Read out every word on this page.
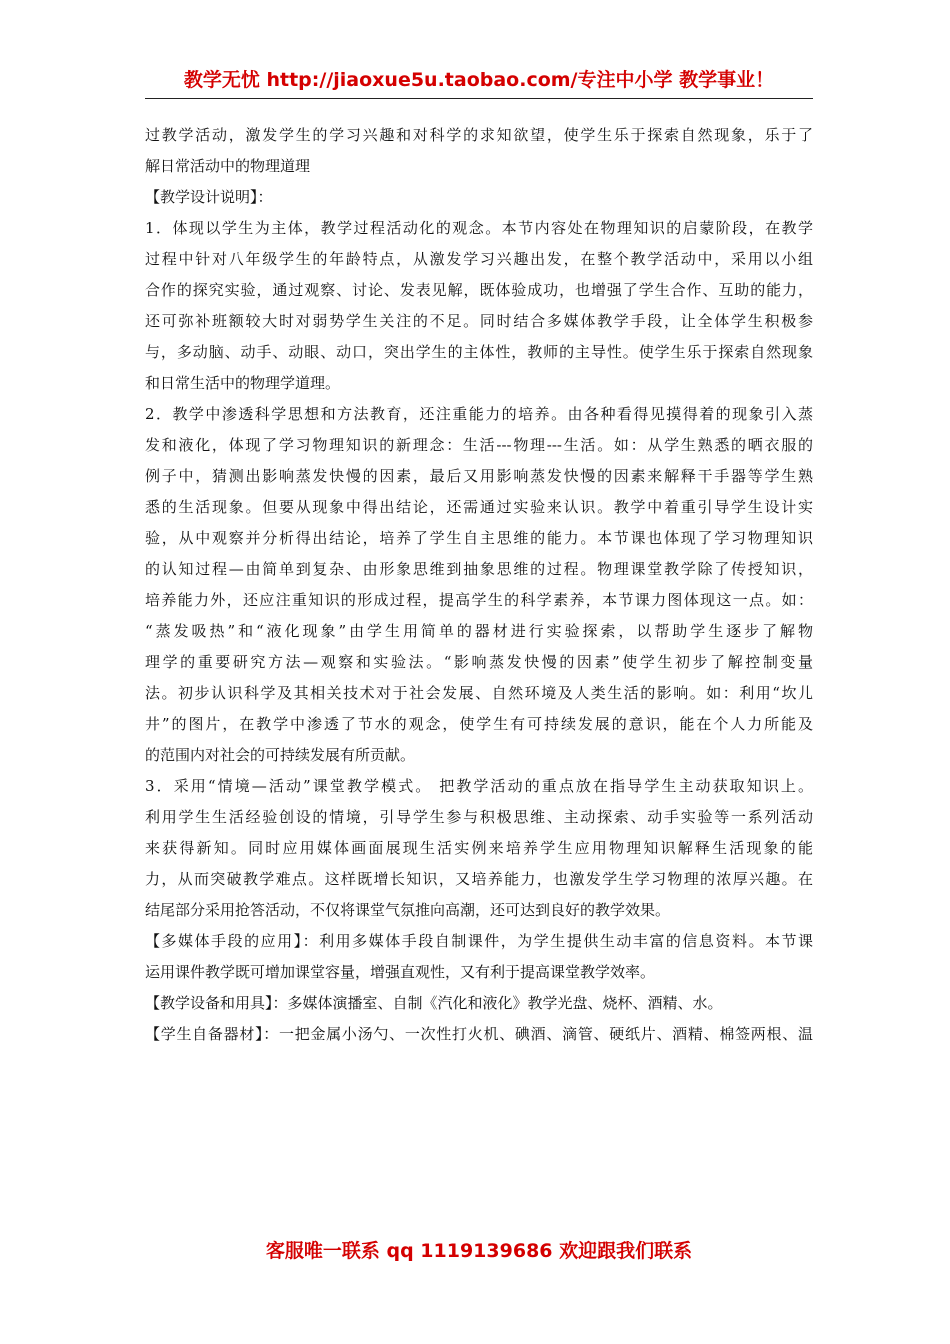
教学无忧 http://jiaoxue5u.taobao.com/专注中小学 教学事业！
过教学活动，激发学生的学习兴趣和对科学的求知欲望，使学生乐于探索自然现象，乐于了
解日常活动中的物理道理
【教学设计说明】：
1．体现以学生为主体，教学过程活动化的观念。本节内容处在物理知识的启蒙阶段，在教学
过程中针对八年级学生的年龄特点，从激发学习兴趣出发，在整个教学活动中，采用以小组
合作的探究实验，通过观察、讨论、发表见解，既体验成功，也增强了学生合作、互助的能力，
还可弥补班额较大时对弱势学生关注的不足。同时结合多媒体教学手段，让全体学生积极参
与，多动脑、动手、动眼、动口，突出学生的主体性，教师的主导性。使学生乐于探索自然现象
和日常生活中的物理学道理。
2．教学中渗透科学思想和方法教育，还注重能力的培养。由各种看得见摸得着的现象引入蒸
发和液化，体现了学习物理知识的新理念：生活---物理---生活。如：从学生熟悉的晒衣服的
例子中，猜测出影响蒸发快慢的因素，最后又用影响蒸发快慢的因素来解释干手器等学生熟
悉的生活现象。但要从现象中得出结论，还需通过实验来认识。教学中着重引导学生设计实
验，从中观察并分析得出结论，培养了学生自主思维的能力。本节课也体现了学习物理知识
的认知过程—由简单到复杂、由形象思维到抽象思维的过程。物理课堂教学除了传授知识，
培养能力外，还应注重知识的形成过程，提高学生的科学素养，本节课力图体现这一点。如：
“蒸发吸热”和“液化现象”由学生用简单的器材进行实验探索，以帮助学生逐步了解物
理学的重要研究方法—观察和实验法。“影响蒸发快慢的因素”使学生初步了解控制变量
法。初步认识科学及其相关技术对于社会发展、自然环境及人类生活的影响。如：利用“坎儿
井”的图片，在教学中渗透了节水的观念，使学生有可持续发展的意识，能在个人力所能及
的范围内对社会的可持续发展有所贡献。
3．采用“情境—活动”课堂教学模式。 把教学活动的重点放在指导学生主动获取知识上。
利用学生生活经验创设的情境，引导学生参与积极思维、主动探索、动手实验等一系列活动
来获得新知。同时应用媒体画面展现生活实例来培养学生应用物理知识解释生活现象的能
力，从而突破教学难点。这样既增长知识，又培养能力，也激发学生学习物理的浓厚兴趣。在
结尾部分采用抢答活动，不仅将课堂气氛推向高潮，还可达到良好的教学效果。
【多媒体手段的应用】：利用多媒体手段自制课件，为学生提供生动丰富的信息资料。本节课
运用课件教学既可增加课堂容量，增强直观性，又有利于提高课堂教学效率。
【教学设备和用具】：多媒体演播室、自制《汽化和液化》教学光盘、烧杯、酒精、水。
【学生自备器材】：一把金属小汤勺、一次性打火机、碘酒、滴管、硬纸片、酒精、棉签两根、温
客服唯一联系 qq 1119139686 欢迎跟我们联系
